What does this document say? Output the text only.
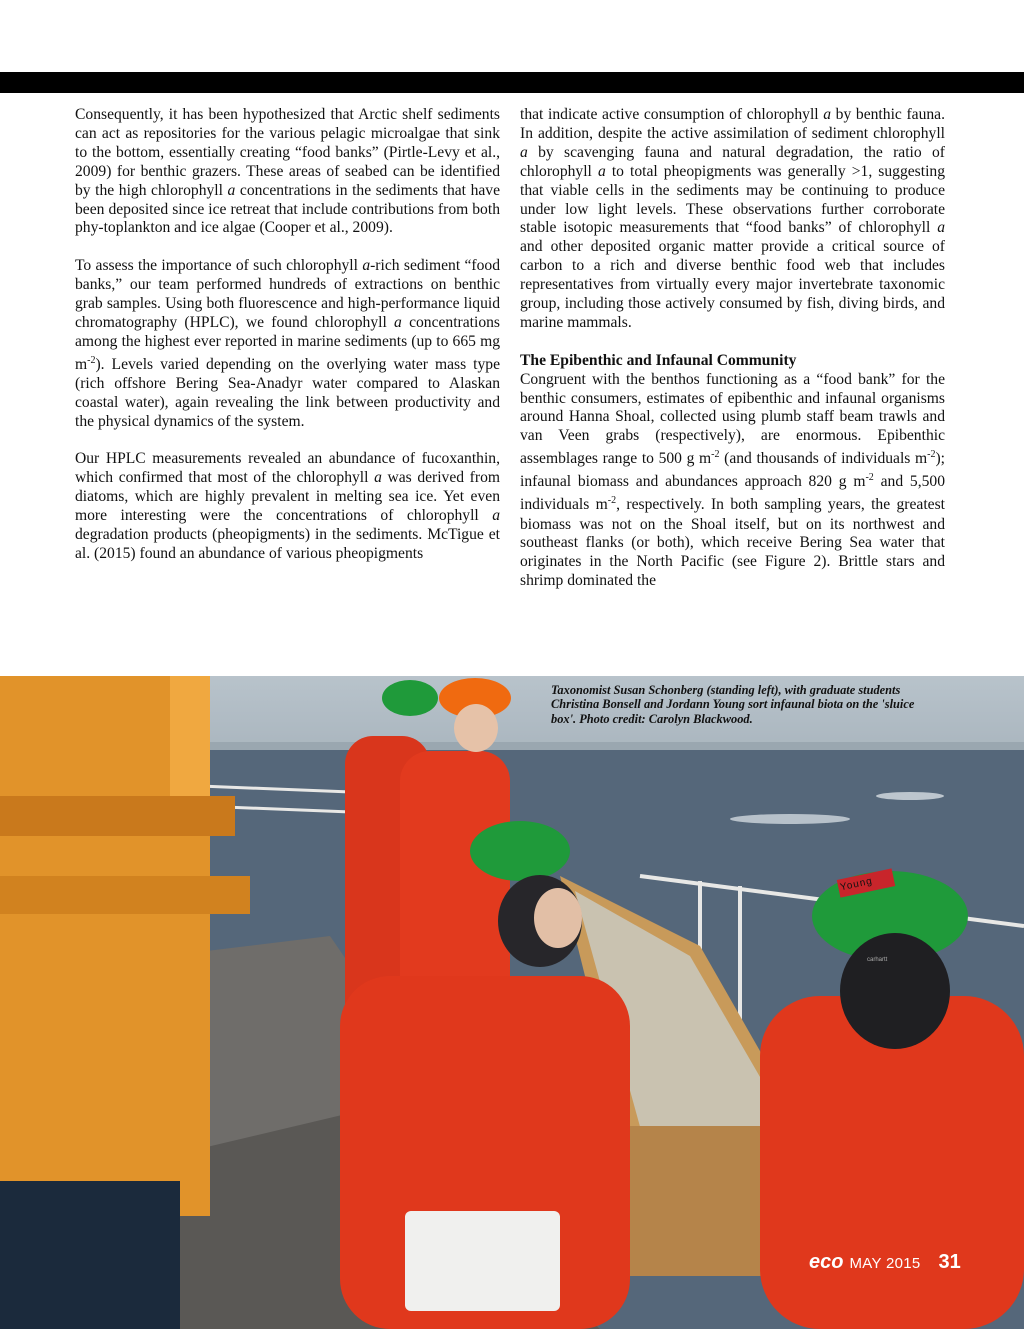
Consequently, it has been hypothesized that Arctic shelf sediments can act as repositories for the various pelagic microalgae that sink to the bottom, essentially creating “food banks” (Pirtle-Levy et al., 2009) for benthic grazers. These areas of seabed can be identified by the high chlorophyll a concentrations in the sediments that have been deposited since ice retreat that include contributions from both phy-toplankton and ice algae (Cooper et al., 2009).

To assess the importance of such chlorophyll a-rich sediment “food banks,” our team performed hundreds of extractions on benthic grab samples. Using both fluorescence and high-performance liquid chromatography (HPLC), we found chlorophyll a concentrations among the highest ever reported in marine sediments (up to 665 mg $m^{-2}$). Levels varied depending on the overlying water mass type (rich offshore Bering Sea-Anadyr water compared to Alaskan coastal water), again revealing the link between productivity and the physical dynamics of the system.

Our HPLC measurements revealed an abundance of fucoxanthin, which confirmed that most of the chlorophyll a was derived from diatoms, which are highly prevalent in melting sea ice. Yet even more interesting were the concentrations of chlorophyll a degradation products (pheopigments) in the sediments. McTigue et al. (2015) found an abundance of various pheopigments

that indicate active consumption of chlorophyll a by benthic fauna. In addition, despite the active assimilation of sediment chlorophyll a by scavenging fauna and natural degradation, the ratio of chlorophyll a to total pheopigments was generally >1, suggesting that viable cells in the sediments may be continuing to produce under low light levels. These observations further corroborate stable isotopic measurements that “food banks” of chlorophyll a and other deposited organic matter provide a critical source of carbon to a rich and diverse benthic food web that includes representatives from virtually every major invertebrate taxonomic group, including those actively consumed by fish, diving birds, and marine mammals.

The Epibenthic and Infaunal Community

Congruent with the benthos functioning as a “food bank” for the benthic consumers, estimates of epibenthic and infaunal organisms around Hanna Shoal, collected using plumb staff beam trawls and van Veen grabs (respectively), are enormous. Epibenthic assemblages range to 500 g $m^{-2}$ (and thousands of individuals $m^{-2}$); infaunal biomass and abundances approach 820 g $m^{-2}$ and 5,500 individuals $m^{-2}$, respectively. In both sampling years, the greatest biomass was not on the Shoal itself, but on its northwest and southeast flanks (or both), which receive Bering Sea water that originates in the North Pacific (see Figure 2). Brittle stars and shrimp dominated the

Young
carhartt
Taxonomist Susan Schonberg (standing left), with graduate students Christina Bonsell and Jordann Young sort infaunal biota on the 'sluice box'. Photo credit: Carolyn Blackwood.
eco MAY 2015 31
